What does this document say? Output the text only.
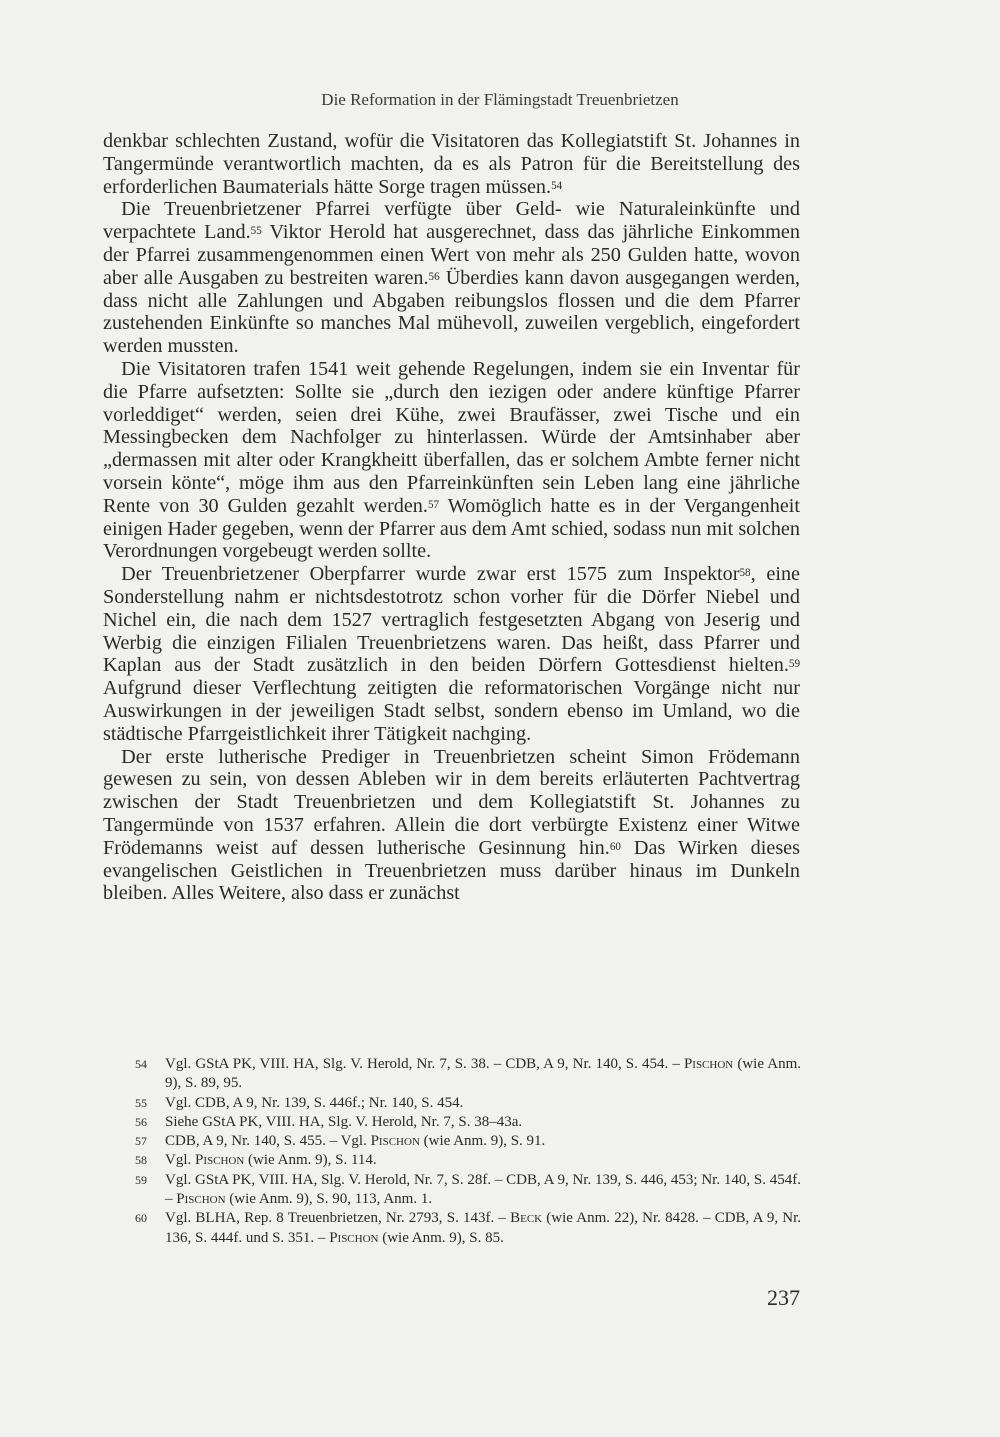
Die Reformation in der Flämingstadt Treuenbrietzen

denkbar schlechten Zustand, wofür die Visitatoren das Kollegiatstift St. Johannes in Tangermünde verantwortlich machten, da es als Patron für die Bereitstellung des erforderlichen Baumaterials hätte Sorge tragen müssen.$^{54}$

Die Treuenbrietzener Pfarrei verfügte über Geld- wie Naturaleinkünfte und verpachtete Land.$^{55}$ Viktor Herold hat ausgerechnet, dass das jährliche Einkommen der Pfarrei zusammengenommen einen Wert von mehr als 250 Gulden hatte, wovon aber alle Ausgaben zu bestreiten waren.$^{56}$ Überdies kann davon ausgegangen werden, dass nicht alle Zahlungen und Abgaben reibungslos flossen und die dem Pfarrer zustehenden Einkünfte so manches Mal mühevoll, zuweilen vergeblich, eingefordert werden mussten.

Die Visitatoren trafen 1541 weit gehende Regelungen, indem sie ein Inventar für die Pfarre aufsetzten: Sollte sie „durch den iezigen oder andere künftige Pfarrer vorleddiget“ werden, seien drei Kühe, zwei Braufässer, zwei Tische und ein Messingbecken dem Nachfolger zu hinterlassen. Würde der Amtsinhaber aber „dermassen mit alter oder Krangkheitt überfallen, das er solchem Ambte ferner nicht vorsein könte“, möge ihm aus den Pfarreinkünften sein Leben lang eine jährliche Rente von 30 Gulden gezahlt werden.$^{57}$ Womöglich hatte es in der Vergangenheit einigen Hader gegeben, wenn der Pfarrer aus dem Amt schied, sodass nun mit solchen Verordnungen vorgebeugt werden sollte.

Der Treuenbrietzener Oberpfarrer wurde zwar erst 1575 zum Inspektor$^{58}$, eine Sonderstellung nahm er nichtsdestotrotz schon vorher für die Dörfer Niebel und Nichel ein, die nach dem 1527 vertraglich festgesetzten Abgang von Jeserig und Werbig die einzigen Filialen Treuenbrietzens waren. Das heißt, dass Pfarrer und Kaplan aus der Stadt zusätzlich in den beiden Dörfern Gottesdienst hielten.$^{59}$ Aufgrund dieser Verflechtung zeitigten die reformatorischen Vorgänge nicht nur Auswirkungen in der jeweiligen Stadt selbst, sondern ebenso im Umland, wo die städtische Pfarrgeistlichkeit ihrer Tätigkeit nachging.

Der erste lutherische Prediger in Treuenbrietzen scheint Simon Frödemann gewesen zu sein, von dessen Ableben wir in dem bereits erläuterten Pachtvertrag zwischen der Stadt Treuenbrietzen und dem Kollegiatstift St. Johannes zu Tangermünde von 1537 erfahren. Allein die dort verbürgte Existenz einer Witwe Frödemanns weist auf dessen lutherische Gesinnung hin.$^{60}$ Das Wirken dieses evangelischen Geistlichen in Treuenbrietzen muss darüber hinaus im Dunkeln bleiben. Alles Weitere, also dass er zunächst

54	Vgl. GStA PK, VIII. HA, Slg. V. Herold, Nr. 7, S. 38. – CDB, A 9, Nr. 140, S. 454. – Pischon (wie Anm. 9), S. 89, 95.
55	Vgl. CDB, A 9, Nr. 139, S. 446f.; Nr. 140, S. 454.
56	Siehe GStA PK, VIII. HA, Slg. V. Herold, Nr. 7, S. 38–43a.
57	CDB, A 9, Nr. 140, S. 455. – Vgl. Pischon (wie Anm. 9), S. 91.
58	Vgl. Pischon (wie Anm. 9), S. 114.
59	Vgl. GStA PK, VIII. HA, Slg. V. Herold, Nr. 7, S. 28f. – CDB, A 9, Nr. 139, S. 446, 453; Nr. 140, S. 454f. – Pischon (wie Anm. 9), S. 90, 113, Anm. 1.
60	Vgl. BLHA, Rep. 8 Treuenbrietzen, Nr. 2793, S. 143f. – Beck (wie Anm. 22), Nr. 8428. – CDB, A 9, Nr. 136, S. 444f. und S. 351. – Pischon (wie Anm. 9), S. 85.
237
